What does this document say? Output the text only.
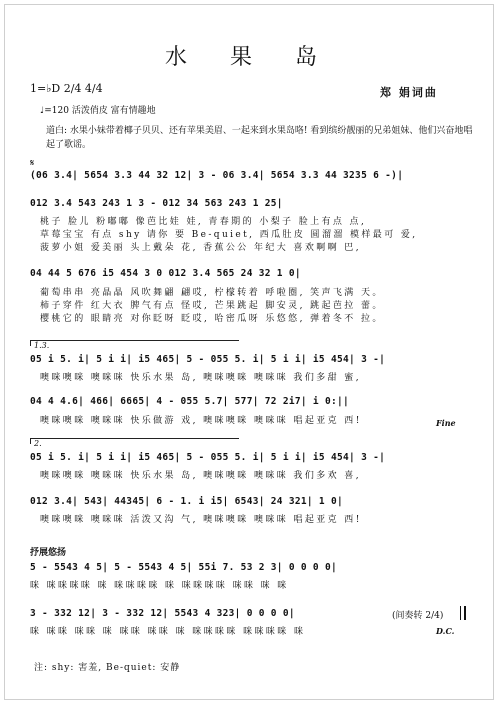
水 果 岛
1=♭D 2/4 4/4	郑 娟词曲
♩=120 活泼俏皮 富有情趣地
道白: 水果小妹带着椰子贝贝、还有苹果美眉、一起来到水果岛咯! 看到缤纷靓丽的兄弟姐妹、他们兴奋地唱起了歌谣。
𝄋
(06 3.4| 5654 3.3 44 32 12| 3 - 06 3.4| 5654 3.3 44 3235 6 -)|
012 3.4 543 243 1 3 - 012 34 563 243 1 25|
桃子 脸儿 粉嘟嘟 像芭比娃 娃, 青春期的 小梨子 脸上有点 点,
草莓宝宝 有点 shy 请你 要 Be-quiet, 西瓜肚皮 圆溜溜 模样最可 爱,
菠萝小姐 爱美丽 头上戴朵 花, 香蕉公公 年纪大 喜欢啊啊 巴,
04 44 5 676 i5 454 3 0 012 3.4 565 24 32 1 0|
葡萄串串 亮晶晶 风吹舞翩 翩哎, 柠檬转着 呼啦圈, 笑声飞满 天。
柿子穿件 红大衣 脾气有点 怪哎, 芒果跳起 脚安灵, 跳起芭拉 蕾。
樱桃它的 眼睛亮 对你眨呀 眨哎, 哈密瓜呀 乐悠悠, 弹着冬不 拉。
1.3.
05 i 5. i| 5 i i| i5 465| 5 - 055 5. i| 5 i i| i5 454| 3 -|
噢咪噢咪 噢咪咪 快乐水果 岛, 噢咪噢咪 噢咪咪 我们多甜 蜜,
04 4 4.6| 466| 6665| 4 - 055 5.7| 577| 72 2i7| i 0:||
噢咪噢咪 噢咪咪 快乐做游 戏, 噢咪噢咪 噢咪咪 唱起亚克 西!	Fine
2.
05 i 5. i| 5 i i| i5 465| 5 - 055 5. i| 5 i i| i5 454| 3 -|
噢咪噢咪 噢咪咪 快乐水果 岛, 噢咪噢咪 噢咪咪 我们多欢 喜,
012 3.4| 543| 44345| 6 - 1. i i5| 6543| 24 321| 1 0|
噢咪噢咪 噢咪咪 活泼又沟 气, 噢咪噢咪 噢咪咪 唱起亚克 西!
抒展悠扬
5 - 5543 4 5| 5 - 5543 4 5| 55i 7. 53 2 3| 0 0 0 0|
咪 咪咪咪咪 咪 咪咪咪咪 咪 咪咪咪咪 咪咪 咪 咪
3 - 332 12| 3 - 332 12| 5543 4 323| 0 0 0 0|
咪 咪咪 咪咪 咪 咪咪 咪咪 咪 咪咪咪咪 咪咪咪咪 咪
(间奏转 2/4)
D.C.
注: shy: 害羞, Be-quiet: 安静
